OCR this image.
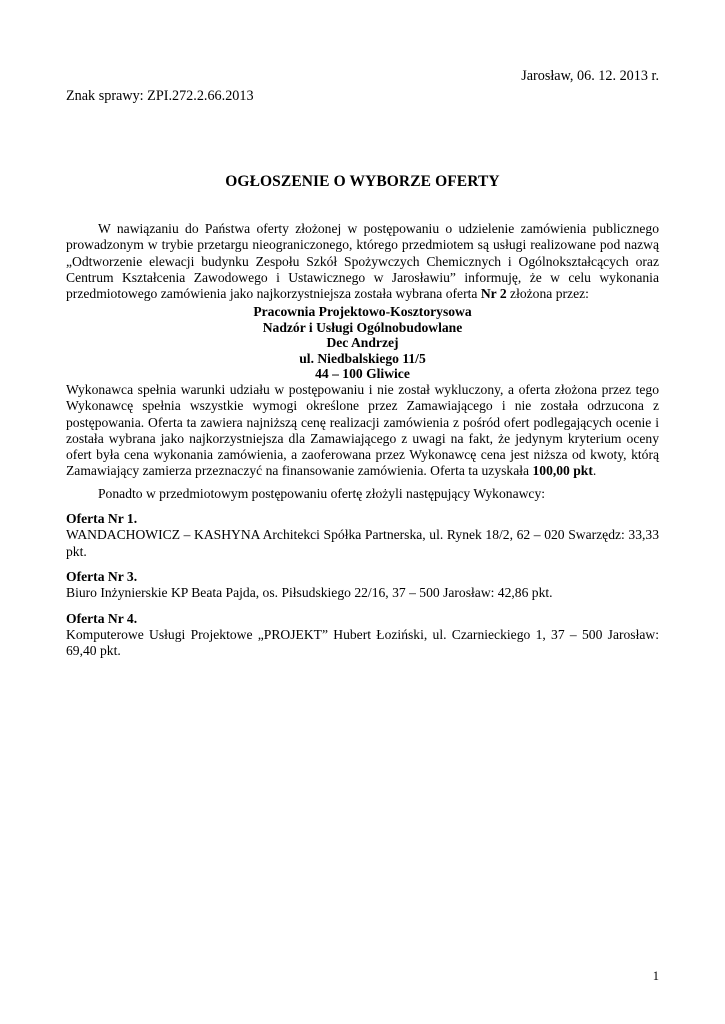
Jarosław, 06. 12. 2013 r.
Znak sprawy: ZPI.272.2.66.2013
OGŁOSZENIE O WYBORZE OFERTY

W nawiązaniu do Państwa oferty złożonej w postępowaniu o udzielenie zamówienia publicznego prowadzonym w trybie przetargu nieograniczonego, którego przedmiotem są usługi realizowane pod nazwą „Odtworzenie elewacji budynku Zespołu Szkół Spożywczych Chemicznych i Ogólnokształcących oraz Centrum Kształcenia Zawodowego i Ustawicznego w Jarosławiu” informuję, że w celu wykonania przedmiotowego zamówienia jako najkorzystniejsza została wybrana oferta Nr 2 złożona przez:

Pracownia Projektowo-Kosztorysowa
Nadzór i Usługi Ogólnobudowlane
Dec Andrzej
ul. Niedbalskiego 11/5
44 – 100 Gliwice

Wykonawca spełnia warunki udziału w postępowaniu i nie został wykluczony, a oferta złożona przez tego Wykonawcę spełnia wszystkie wymogi określone przez Zamawiającego i nie została odrzucona z postępowania. Oferta ta zawiera najniższą cenę realizacji zamówienia z pośród ofert podlegających ocenie i została wybrana jako najkorzystniejsza dla Zamawiającego z uwagi na fakt, że jedynym kryterium oceny ofert była cena wykonania zamówienia, a zaoferowana przez Wykonawcę cena jest niższa od kwoty, którą Zamawiający zamierza przeznaczyć na finansowanie zamówienia. Oferta ta uzyskała 100,00 pkt.

Ponadto w przedmiotowym postępowaniu ofertę złożyli następujący Wykonawcy:

Oferta Nr 1.
WANDACHOWICZ – KASHYNA Architekci Spółka Partnerska, ul. Rynek 18/2, 62 – 020 Swarzędz: 33,33 pkt.
Oferta Nr 3.
Biuro Inżynierskie KP Beata Pajda, os. Piłsudskiego 22/16, 37 – 500 Jarosław: 42,86 pkt.
Oferta Nr 4.
Komputerowe Usługi Projektowe „PROJEKT” Hubert Łoziński, ul. Czarnieckiego 1, 37 – 500 Jarosław: 69,40 pkt.
1
